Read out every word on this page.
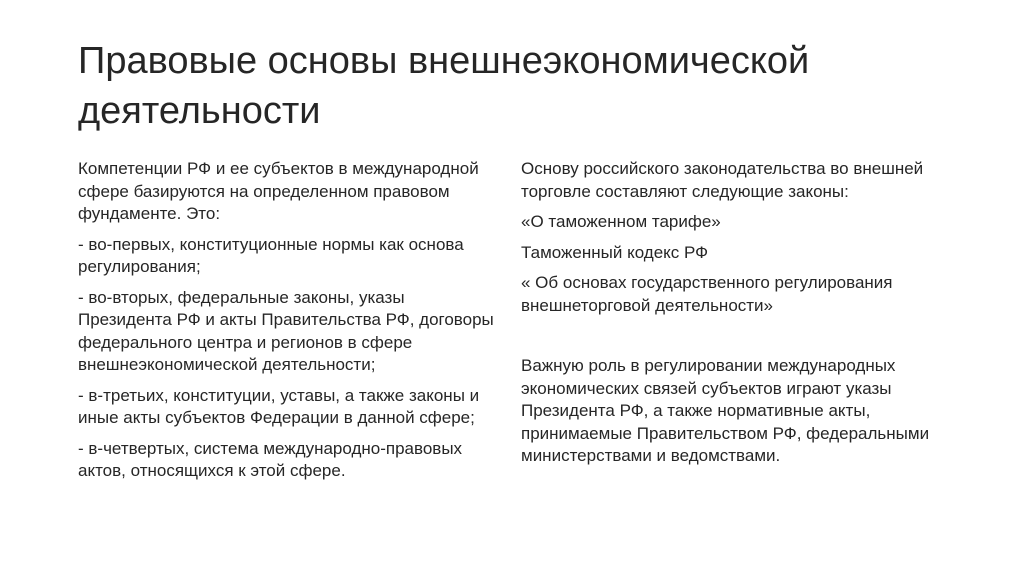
Правовые основы внешнеэкономической деятельности

Компетенции РФ и ее субъектов в международной сфере базируются на определенном правовом фундаменте. Это:

- во-первых, конституционные нормы как основа регулирования;

- во-вторых, федеральные законы, указы Президента РФ и акты Правительства РФ, договоры федерального центра и регионов в сфере внешнеэкономической деятельности;

- в-третьих, конституции, уставы, а также законы и иные акты субъектов Федерации в данной сфере;

- в-четвертых, система международно-правовых актов, относящихся к этой сфере.

Основу российского законодательства во внешней торговле составляют следующие законы:

«О таможенном тарифе»

Таможенный кодекс РФ

« Об основах государственного регулирования внешнеторговой деятельности»

Важную роль в регулировании международных экономических связей субъектов играют указы Президента РФ, а также нормативные акты, принимаемые Правительством РФ, федеральными министерствами и ведомствами.
